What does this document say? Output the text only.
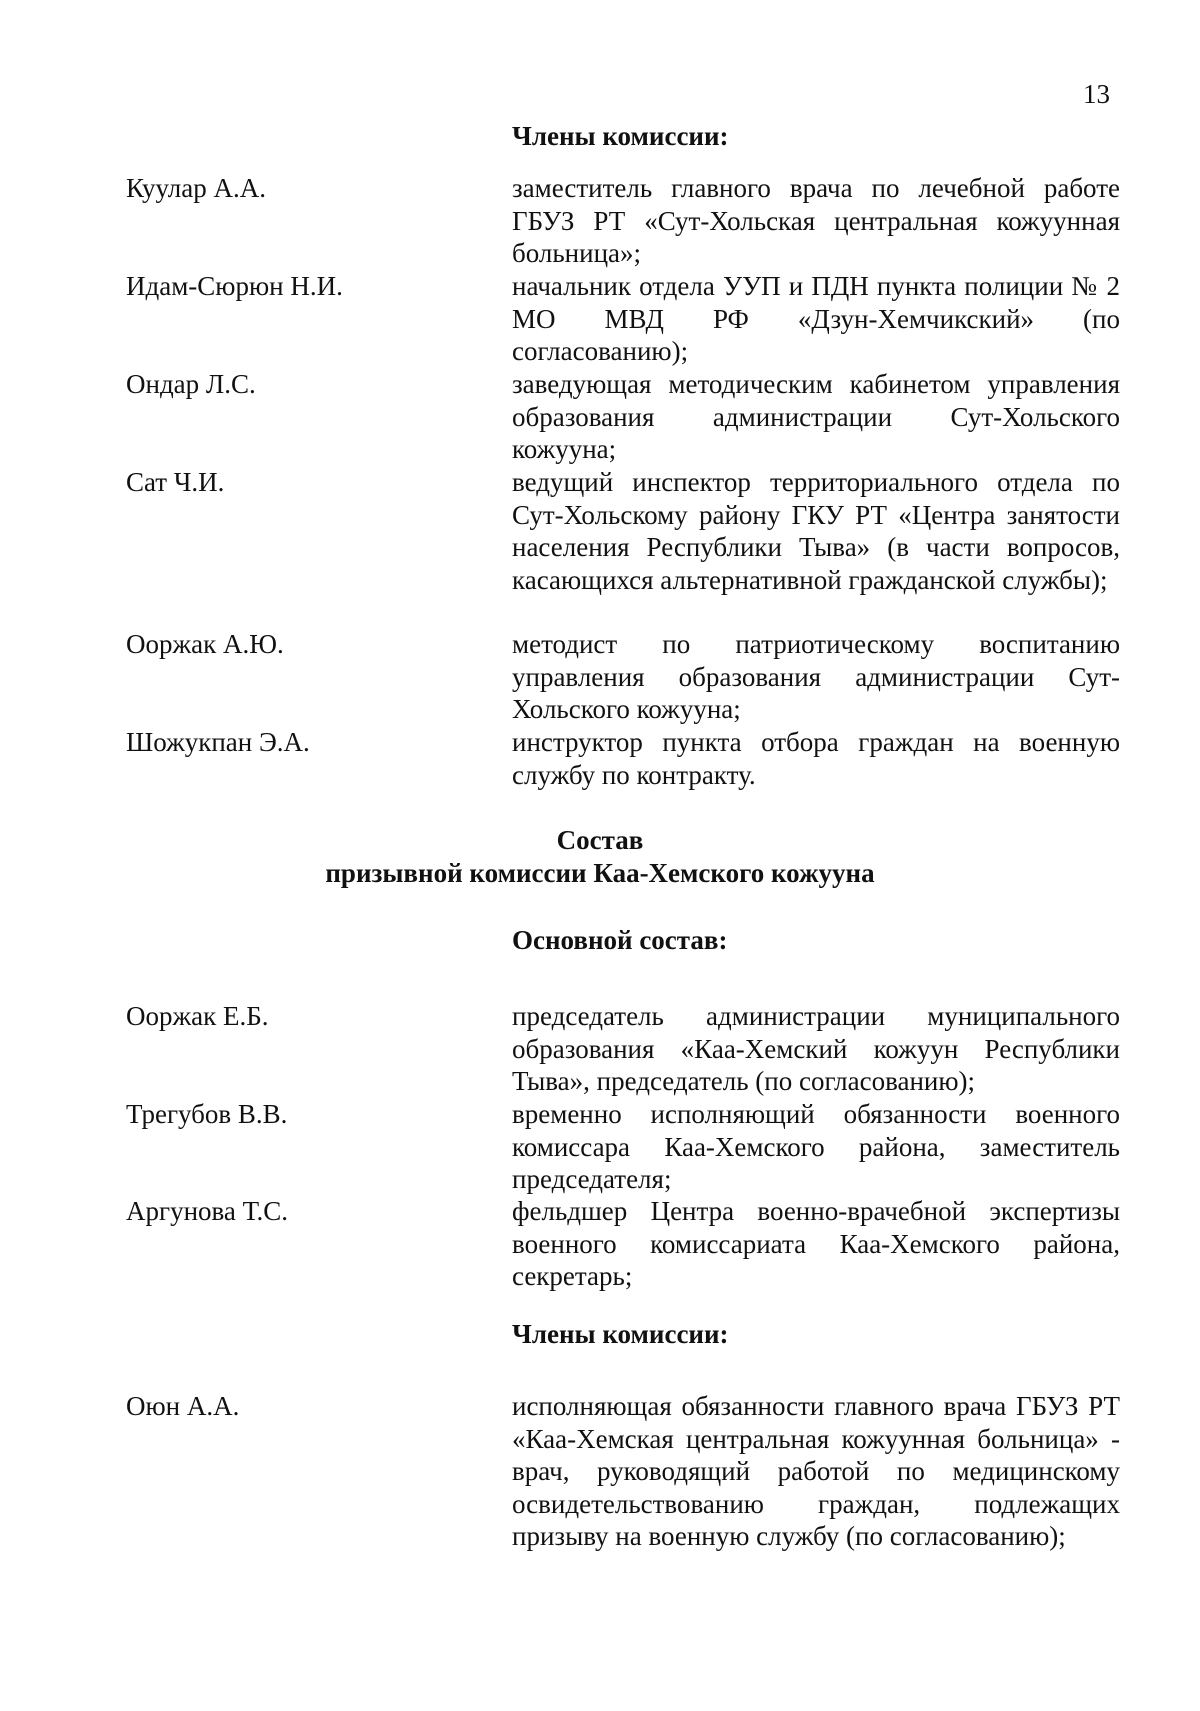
13
Члены комиссии:
Куулар А.А.	заместитель главного врача по лечебной работе ГБУЗ РТ «Сут-Хольская центральная кожуунная больница»;
Идам-Сюрюн Н.И.	начальник отдела УУП и ПДН пункта полиции № 2 МО МВД РФ «Дзун-Хемчикский» (по согласованию);
Ондар Л.С.	заведующая методическим кабинетом управления образования администрации Сут-Хольского кожууна;
Сат Ч.И.	ведущий инспектор территориального отдела по Сут-Хольскому району ГКУ РТ «Центра занятости населения Республики Тыва» (в части вопросов, касающихся альтернативной гражданской службы);
Ооржак А.Ю.	методист по патриотическому воспитанию управления образования администрации Сут-Хольского кожууна;
Шожукпан Э.А.	инструктор пункта отбора граждан на военную службу по контракту.
Состав
призывной комиссии Каа-Хемского кожууна
Основной состав:
Ооржак Е.Б.	председатель администрации муниципального образования «Каа-Хемский кожуун Республики Тыва», председатель (по согласованию);
Трегубов В.В.	временно исполняющий обязанности военного комиссара Каа-Хемского района, заместитель председателя;
Аргунова Т.С.	фельдшер Центра военно-врачебной экспертизы военного комиссариата Каа-Хемского района, секретарь;
Члены комиссии:
Оюн А.А.	исполняющая обязанности главного врача ГБУЗ РТ «Каа-Хемская центральная кожуунная больница» - врач, руководящий работой по медицинскому освидетельствованию граждан, подлежащих призыву на военную службу (по согласованию);
